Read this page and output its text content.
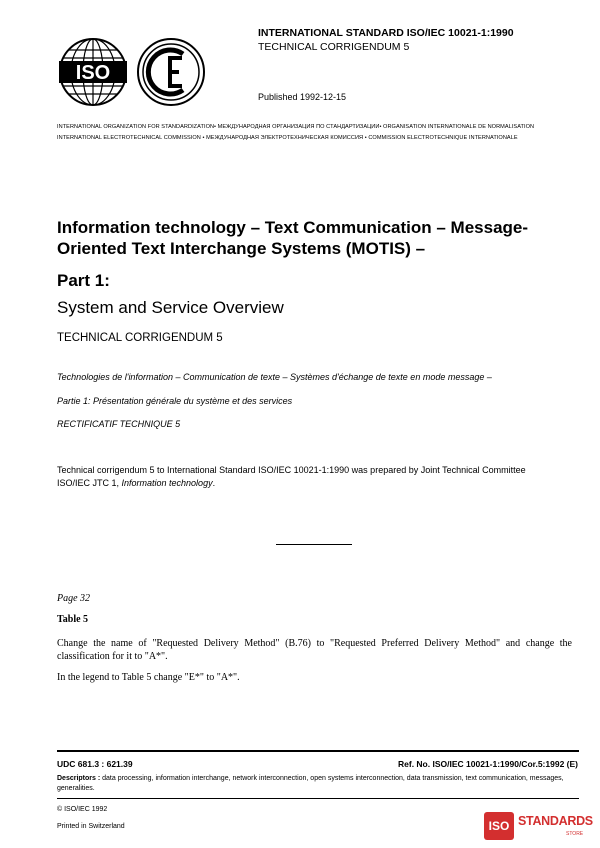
INTERNATIONAL STANDARD ISO/IEC 10021-1:1990
TECHNICAL CORRIGENDUM 5
Published 1992-12-15
ISO
INTERNATIONAL ORGANIZATION FOR STANDARDIZATION• МЕЖДУНАРОДНАЯ ОРГАНИЗАЦИЯ ПО СТАНДАРТИЗАЦИИ• ORGANISATION INTERNATIONALE DE NORMALISATION
INTERNATIONAL ELECTROTECHNICAL COMMISSION • МЕЖДУНАРОДНАЯ ЭЛЕКТРОТЕХНИЧЕСКАЯ КОМИССИЯ • COMMISSION ELECTROTECHNIQUE INTERNATIONALE
Information technology – Text Communication – Message-Oriented Text Interchange Systems (MOTIS) –
Part 1:
System and Service Overview
TECHNICAL CORRIGENDUM 5
Technologies de l'information – Communication de texte – Systèmes d'échange de texte en mode message –
Partie 1: Présentation générale du système et des services
RECTIFICATIF TECHNIQUE 5
Technical corrigendum 5 to International Standard ISO/IEC 10021-1:1990 was prepared by Joint Technical Committee ISO/IEC JTC 1, Information technology.
Page 32
Table 5
Change the name of "Requested Delivery Method" (B.76) to "Requested Preferred Delivery Method" and change the classification for it to "A*".
In the legend to Table 5 change "E*" to "A*".
UDC 681.3 : 621.39	Ref. No. ISO/IEC 10021-1:1990/Cor.5:1992 (E)
Descriptors : data processing, information interchange, network interconnection, open systems interconnection, data transmission, text communication, messages, generalities.
© ISO/IEC 1992
Printed in Switzerland	ISO STANDARDS
STORE
